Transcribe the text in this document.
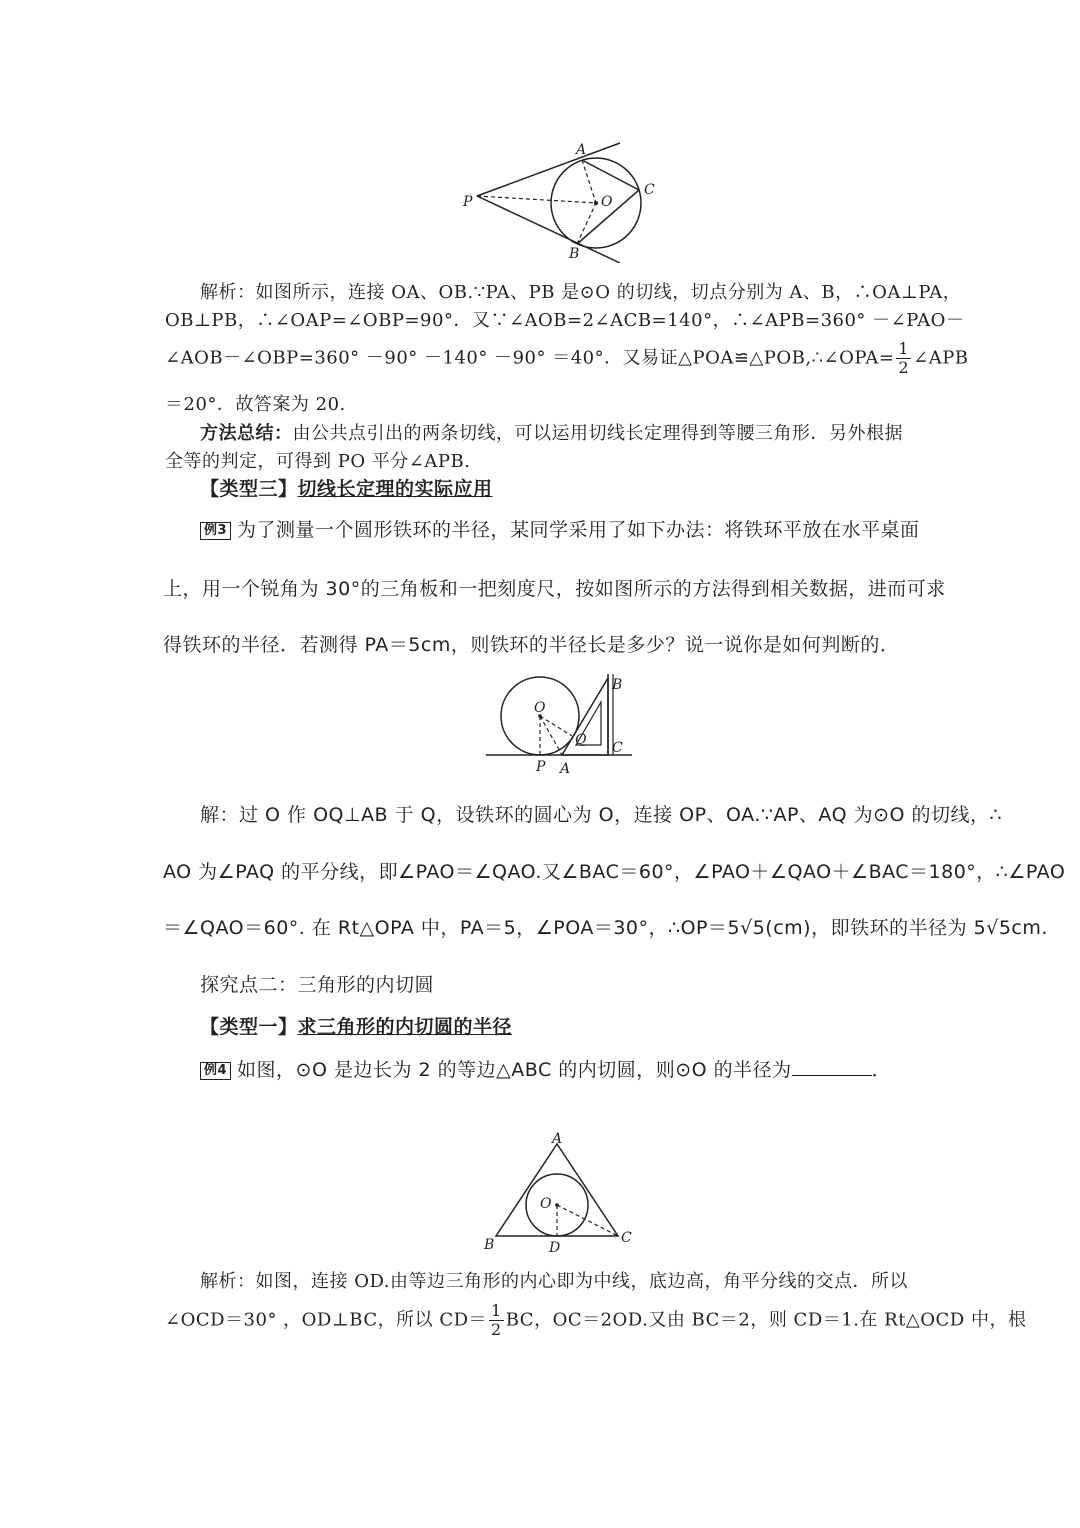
A
B
C
O
P
解析：如图所示，连接 OA、OB.∵PA、PB 是⊙O 的切线，切点分别为 A、B，∴OA⊥PA，
OB⊥PB，∴∠OAP=∠OBP=90°．又∵∠AOB=2∠ACB=140°，∴∠APB=360° －∠PAO－
∠AOB－∠OBP=360° －90° －140° －90° ＝40°．又易证△POA≌△POB,∴∠OPA= $\frac{1}{2}$ ∠APB
＝20°．故答案为 20.
方法总结：由公共点引出的两条切线，可以运用切线长定理得到等腰三角形．另外根据
全等的判定，可得到 PO 平分∠APB.
【类型三】切线长定理的实际应用
例3 为了测量一个圆形铁环的半径，某同学采用了如下办法：将铁环平放在水平桌面
上，用一个锐角为 30°的三角板和一把刻度尺，按如图所示的方法得到相关数据，进而可求
得铁环的半径．若测得 PA＝5cm，则铁环的半径长是多少？说一说你是如何判断的．
O
B
Q C
P A
解：过 O 作 OQ⊥AB 于 Q，设铁环的圆心为 O，连接 OP、OA.∵AP、AQ 为⊙O 的切线，∴
AO 为∠PAQ 的平分线，即∠PAO＝∠QAO.又∠BAC＝60°，∠PAO＋∠QAO＋∠BAC＝180°，∴∠PAO
＝∠QAO＝60°. 在 Rt△OPA 中，PA＝5，∠POA＝30°，∴OP＝5√5(cm)，即铁环的半径为 5√5cm.
探究点二：三角形的内切圆
【类型一】求三角形的内切圆的半径
例4 如图，⊙O 是边长为 2 的等边△ABC 的内切圆，则⊙O 的半径为	．
A
O
B	D
C
解析：如图，连接 OD.由等边三角形的内心即为中线，底边高，角平分线的交点．所以
∠OCD＝30° ，OD⊥BC，所以 $CD= \frac{1}{2}$ BC，OC＝2OD.又由 BC＝2，则 CD＝1.在 Rt△OCD 中，根
